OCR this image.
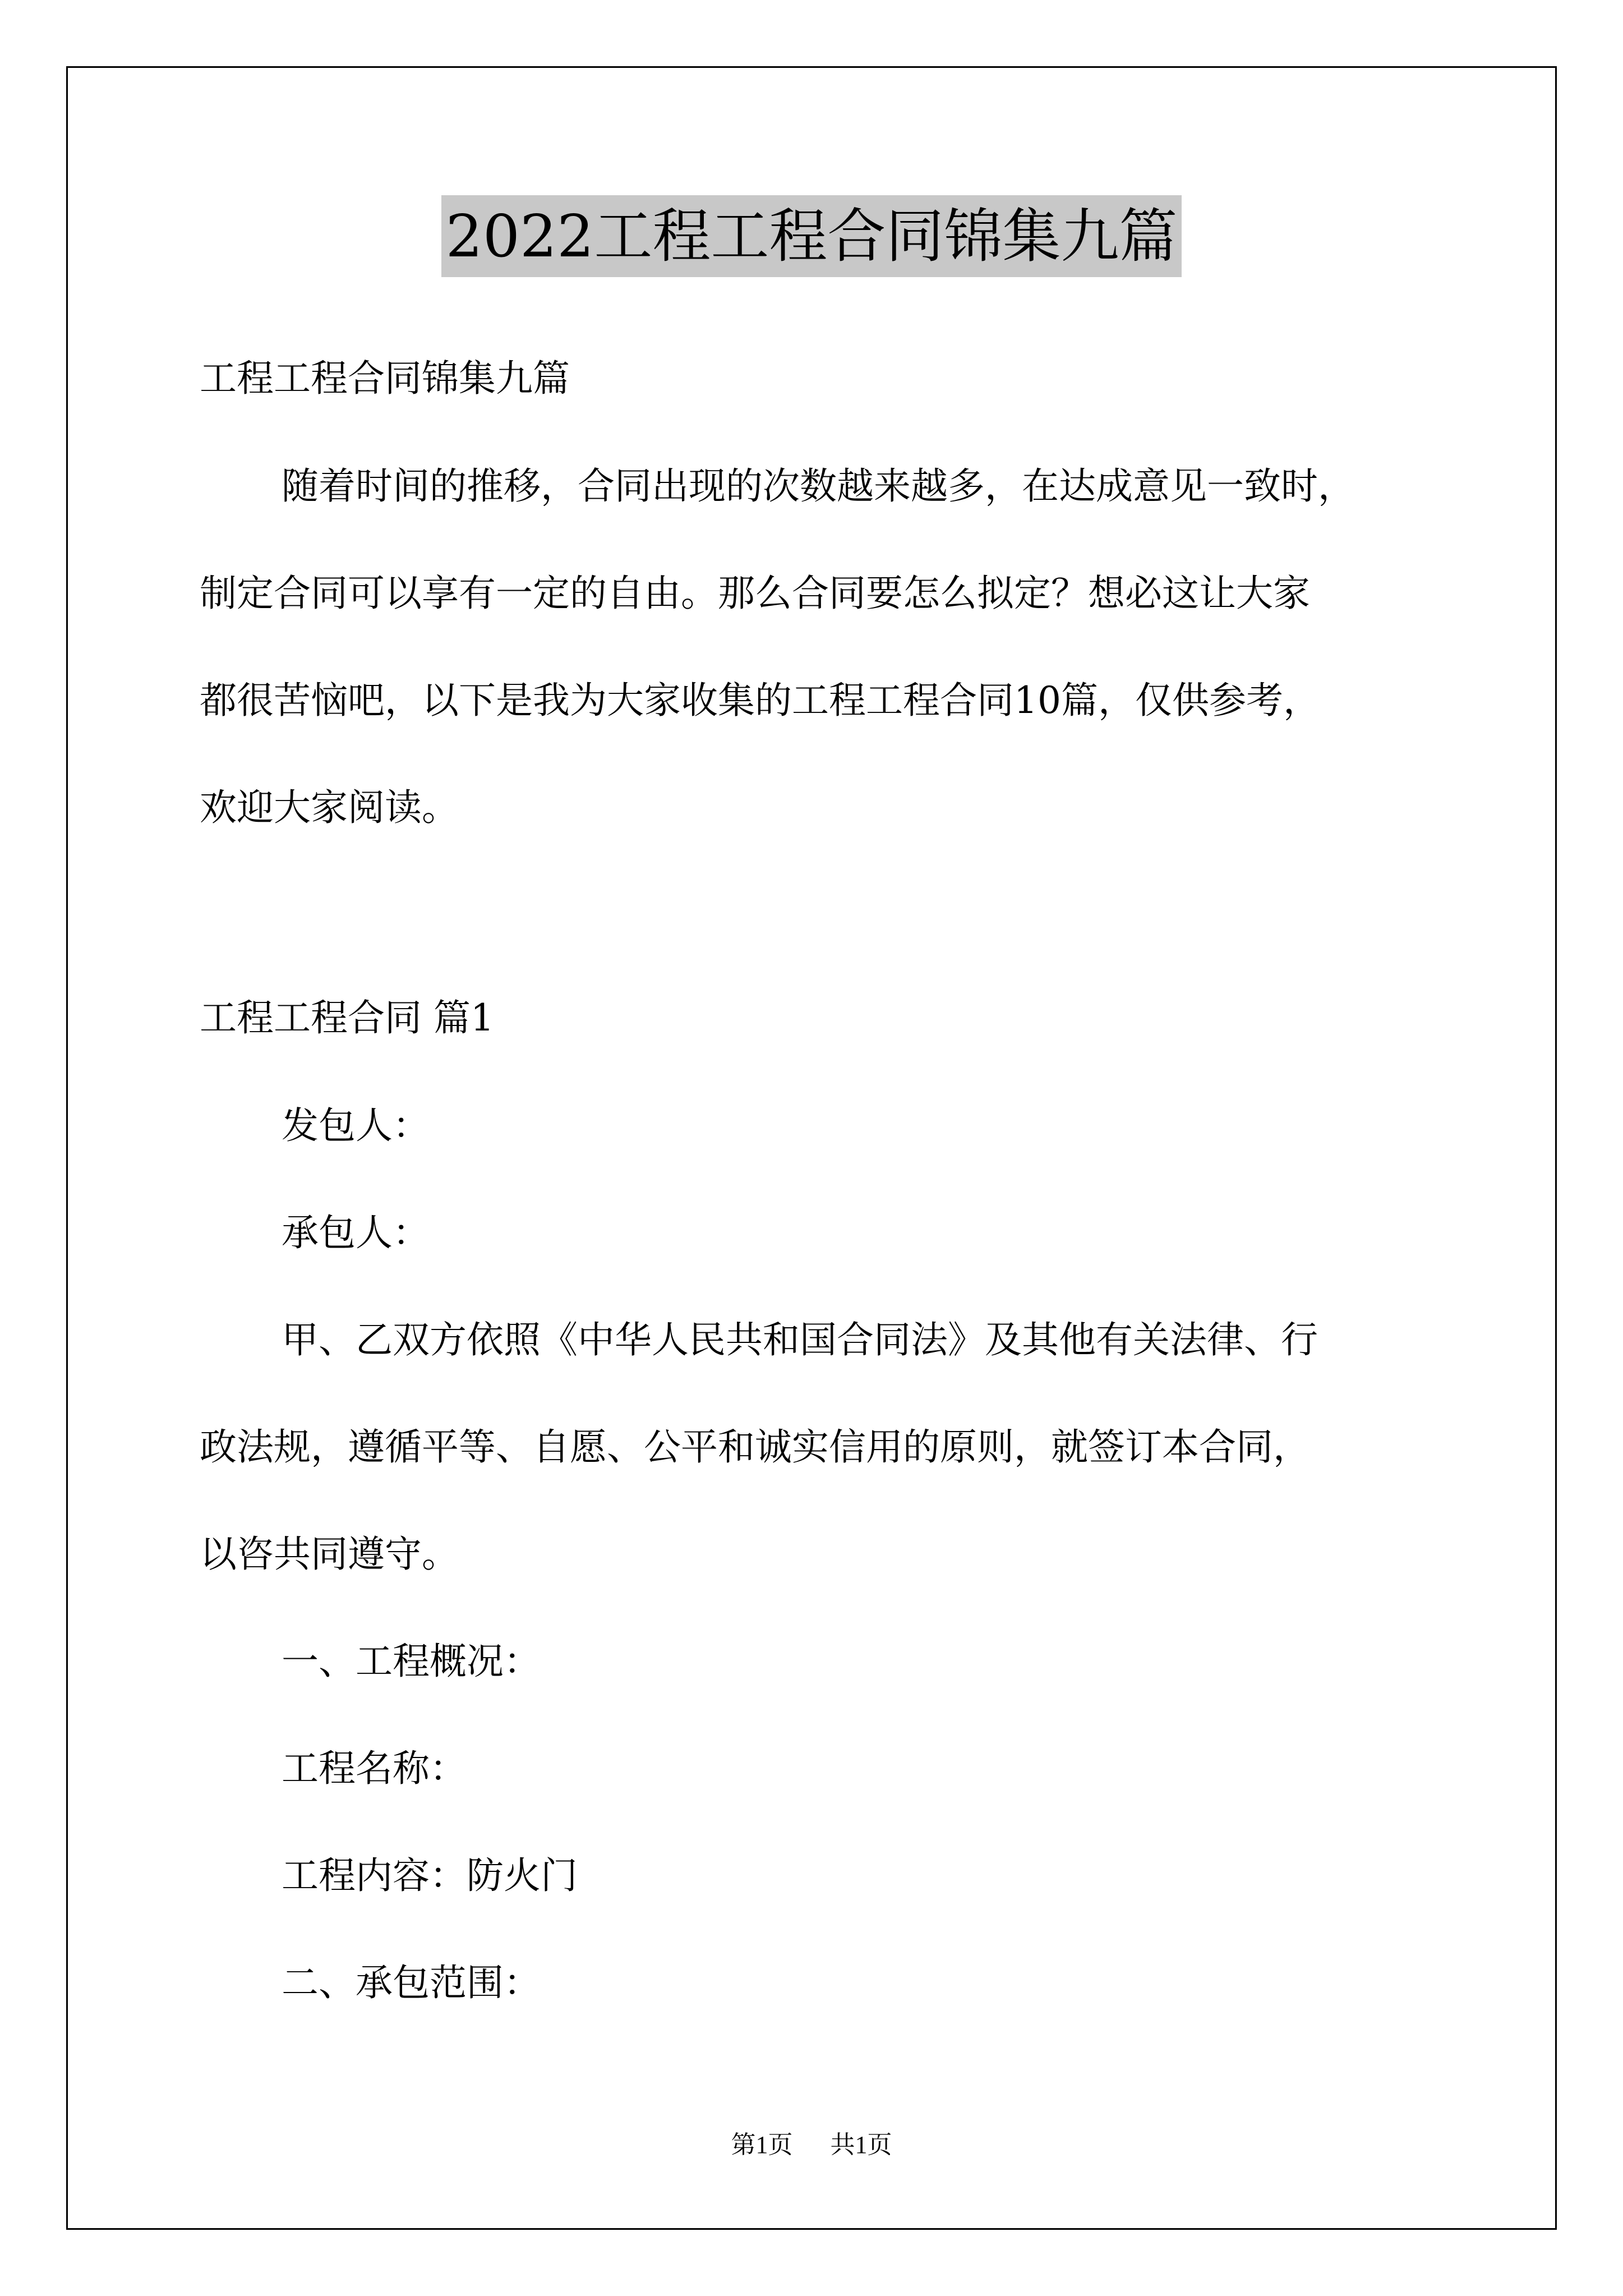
2022工程工程合同锦集九篇
工程工程合同锦集九篇
随着时间的推移，合同出现的次数越来越多，在达成意见一致时，
制定合同可以享有一定的自由。那么合同要怎么拟定？想必这让大家
都很苦恼吧，以下是我为大家收集的工程工程合同10篇，仅供参考，
欢迎大家阅读。
工程工程合同 篇1
发包人：
承包人：
甲、乙双方依照《中华人民共和国合同法》及其他有关法律、行
政法规，遵循平等、自愿、公平和诚实信用的原则，就签订本合同，
以咨共同遵守。
一、工程概况：
工程名称：
工程内容：防火门
二、承包范围：
第1页 共1页
